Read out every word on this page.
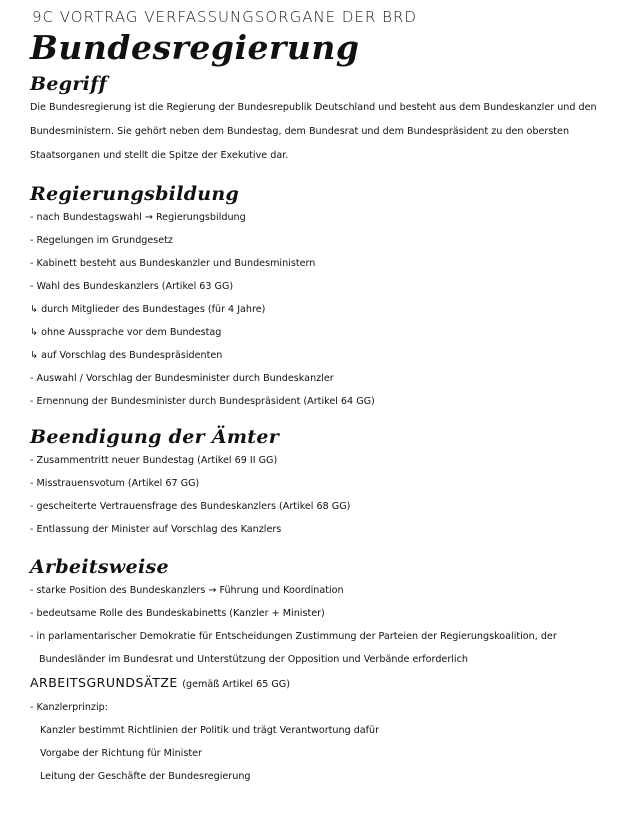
9C VORTRAG VERFASSUNGSORGANE DER BRD
Bundesregierung
Begriff

Die Bundesregierung ist die Regierung der Bundesrepublik Deutschland und besteht aus dem Bundeskanzler und den Bundesministern. Sie gehört neben dem Bundestag, dem Bundesrat und dem Bundespräsident zu den obersten Staatsorganen und stellt die Spitze der Exekutive dar.

Regierungsbildung
- nach Bundestagswahl → Regierungsbildung
- Regelungen im Grundgesetz
- Kabinett besteht aus Bundeskanzler und Bundesministern
- Wahl des Bundeskanzlers (Artikel 63 GG)
↳ durch Mitglieder des Bundestages (für 4 Jahre)
↳ ohne Aussprache vor dem Bundestag
↳ auf Vorschlag des Bundespräsidenten
- Auswahl / Vorschlag der Bundesminister durch Bundeskanzler
- Ernennung der Bundesminister durch Bundespräsident (Artikel 64 GG)
Beendigung der Ämter
- Zusammentritt neuer Bundestag (Artikel 69 II GG)
- Misstrauensvotum (Artikel 67 GG)
- gescheiterte Vertrauensfrage des Bundeskanzlers (Artikel 68 GG)
- Entlassung der Minister auf Vorschlag des Kanzlers
Arbeitsweise
- starke Position des Bundeskanzlers → Führung und Koordination
- bedeutsame Rolle des Bundeskabinetts (Kanzler + Minister)
- in parlamentarischer Demokratie für Entscheidungen Zustimmung der Parteien der Regierungskoalition, der
Bundesländer im Bundesrat und Unterstützung der Opposition und Verbände erforderlich
ARBEITSGRUNDSÄTZE (gemäß Artikel 65 GG)
- Kanzlerprinzip:
Kanzler bestimmt Richtlinien der Politik und trägt Verantwortung dafür
Vorgabe der Richtung für Minister
Leitung der Geschäfte der Bundesregierung
